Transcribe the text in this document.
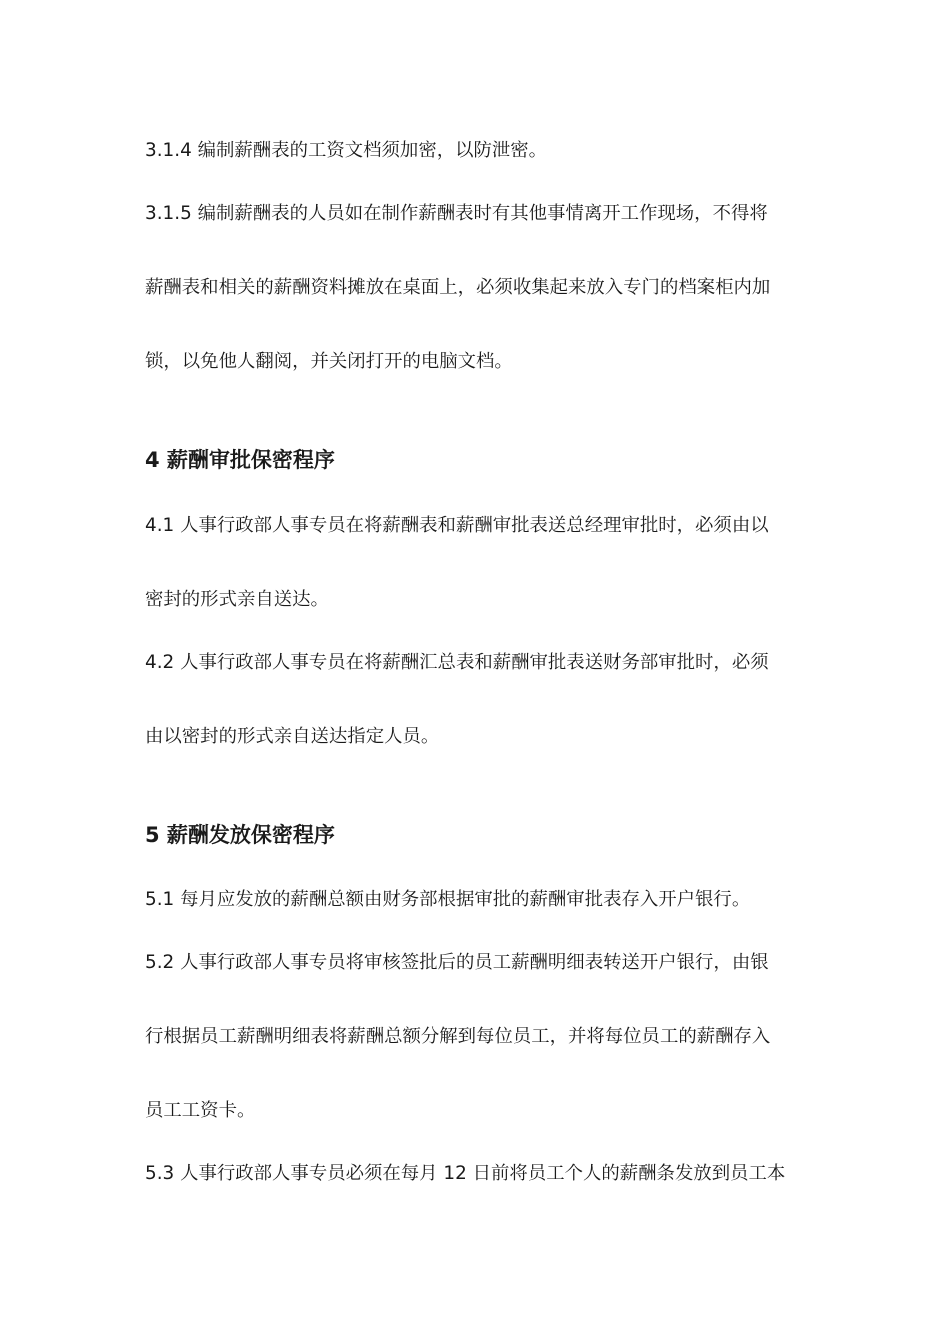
3.1.4 编制薪酬表的工资文档须加密，以防泄密。
3.1.5 编制薪酬表的人员如在制作薪酬表时有其他事情离开工作现场，不得将
薪酬表和相关的薪酬资料摊放在桌面上，必须收集起来放入专门的档案柜内加
锁，以免他人翻阅，并关闭打开的电脑文档。
4 薪酬审批保密程序
4.1 人事行政部人事专员在将薪酬表和薪酬审批表送总经理审批时，必须由以
密封的形式亲自送达。
4.2 人事行政部人事专员在将薪酬汇总表和薪酬审批表送财务部审批时，必须
由以密封的形式亲自送达指定人员。
5 薪酬发放保密程序
5.1 每月应发放的薪酬总额由财务部根据审批的薪酬审批表存入开户银行。
5.2 人事行政部人事专员将审核签批后的员工薪酬明细表转送开户银行，由银
行根据员工薪酬明细表将薪酬总额分解到每位员工，并将每位员工的薪酬存入
员工工资卡。
5.3 人事行政部人事专员必须在每月 12 日前将员工个人的薪酬条发放到员工本
